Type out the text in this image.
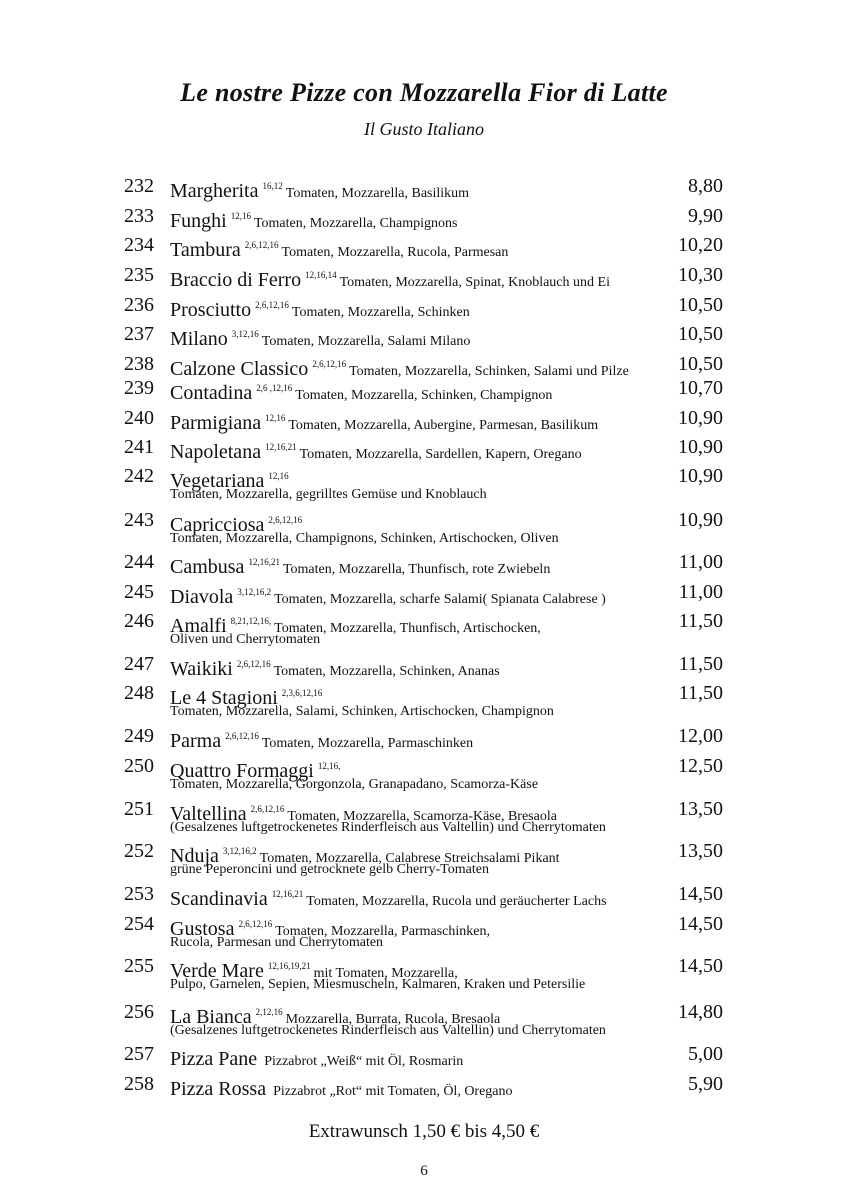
Le nostre Pizze con Mozzarella Fior di Latte
Il Gusto Italiano
232 Margherita $^{16,12}$ Tomaten, Mozzarella, Basilikum	8,80
233 Funghi $^{12,16}$ Tomaten, Mozzarella, Champignons	9,90
234 Tambura $^{2,6,12,16}$ Tomaten, Mozzarella, Rucola, Parmesan	10,20
235 Braccio di Ferro $^{12,16,14}$ Tomaten, Mozzarella, Spinat, Knoblauch und Ei	10,30
236 Prosciutto $^{2,6,12,16}$ Tomaten, Mozzarella, Schinken	10,50
237 Milano $^{3,12,16}$ Tomaten, Mozzarella, Salami Milano	10,50
238 Calzone Classico $^{2,6,12,16}$ Tomaten, Mozzarella, Schinken, Salami und Pilze 10,50
239 Contadina $^{2,6 ,12,16}$ Tomaten, Mozzarella, Schinken, Champignon	10,70
240 Parmigiana $^{12,16}$ Tomaten, Mozzarella, Aubergine, Parmesan, Basilikum	10,90
241 Napoletana $^{12,16,21}$ Tomaten, Mozzarella, Sardellen, Kapern, Oregano	10,90
242 Vegetariana $^{12,16}$	10,90
Tomaten, Mozzarella, gegrilltes Gemüse und Knoblauch
243 Capricciosa $^{2,6,12,16}$	10,90
Tomaten, Mozzarella, Champignons, Schinken, Artischocken, Oliven
244 Cambusa $^{12,16,21}$ Tomaten, Mozzarella, Thunfisch, rote Zwiebeln	11,00
245 Diavola $^{3,12,16,2}$ Tomaten, Mozzarella, scharfe Salami( Spianata Calabrese )	11,00
246 Amalfi $^{8,21,12,16,}$ Tomaten, Mozzarella, Thunfisch, Artischocken,	11,50
Oliven und Cherrytomaten
247 Waikiki $^{2,6,12,16}$ Tomaten, Mozzarella, Schinken, Ananas	11,50
248 Le 4 Stagioni $^{2,3,6,12,16}$	11,50
Tomaten, Mozzarella, Salami, Schinken, Artischocken, Champignon
249 Parma $^{2,6,12,16}$ Tomaten, Mozzarella, Parmaschinken	12,00
250 Quattro Formaggi $^{12,16,}$	12,50
Tomaten, Mozzarella, Gorgonzola, Granapadano, Scamorza-Käse
251 Valtellina $^{2,6,12,16}$ Tomaten, Mozzarella, Scamorza-Käse, Bresaola	13,50
(Gesalzenes luftgetrockenetes Rinderfleisch aus Valtellin) und Cherrytomaten
252 Nduja $^{3,12,16,2}$ Tomaten, Mozzarella, Calabrese Streichsalami Pikant	13,50
grüne Peperoncini und getrocknete gelb Cherry-Tomaten
253 Scandinavia $^{12,16,21}$ Tomaten, Mozzarella, Rucola und geräucherter Lachs	14,50
254 Gustosa $^{2,6,12,16}$ Tomaten, Mozzarella, Parmaschinken,	14,50
Rucola, Parmesan und Cherrytomaten
255 Verde Mare $^{12,16,19,21}$ mit Tomaten, Mozzarella,	14,50
Pulpo, Garnelen, Sepien, Miesmuscheln, Kalmaren, Kraken und Petersilie
256 La Bianca $^{2,12,16}$ Mozzarella, Burrata, Rucola, Bresaola	14,80
(Gesalzenes luftgetrockenetes Rinderfleisch aus Valtellin) und Cherrytomaten
257 Pizza Pane Pizzabrot „Weiß“ mit Öl, Rosmarin	5,00
258 Pizza Rossa Pizzabrot „Rot“ mit Tomaten, Öl, Oregano	5,90
Extrawunsch 1,50 € bis 4,50 €
6
